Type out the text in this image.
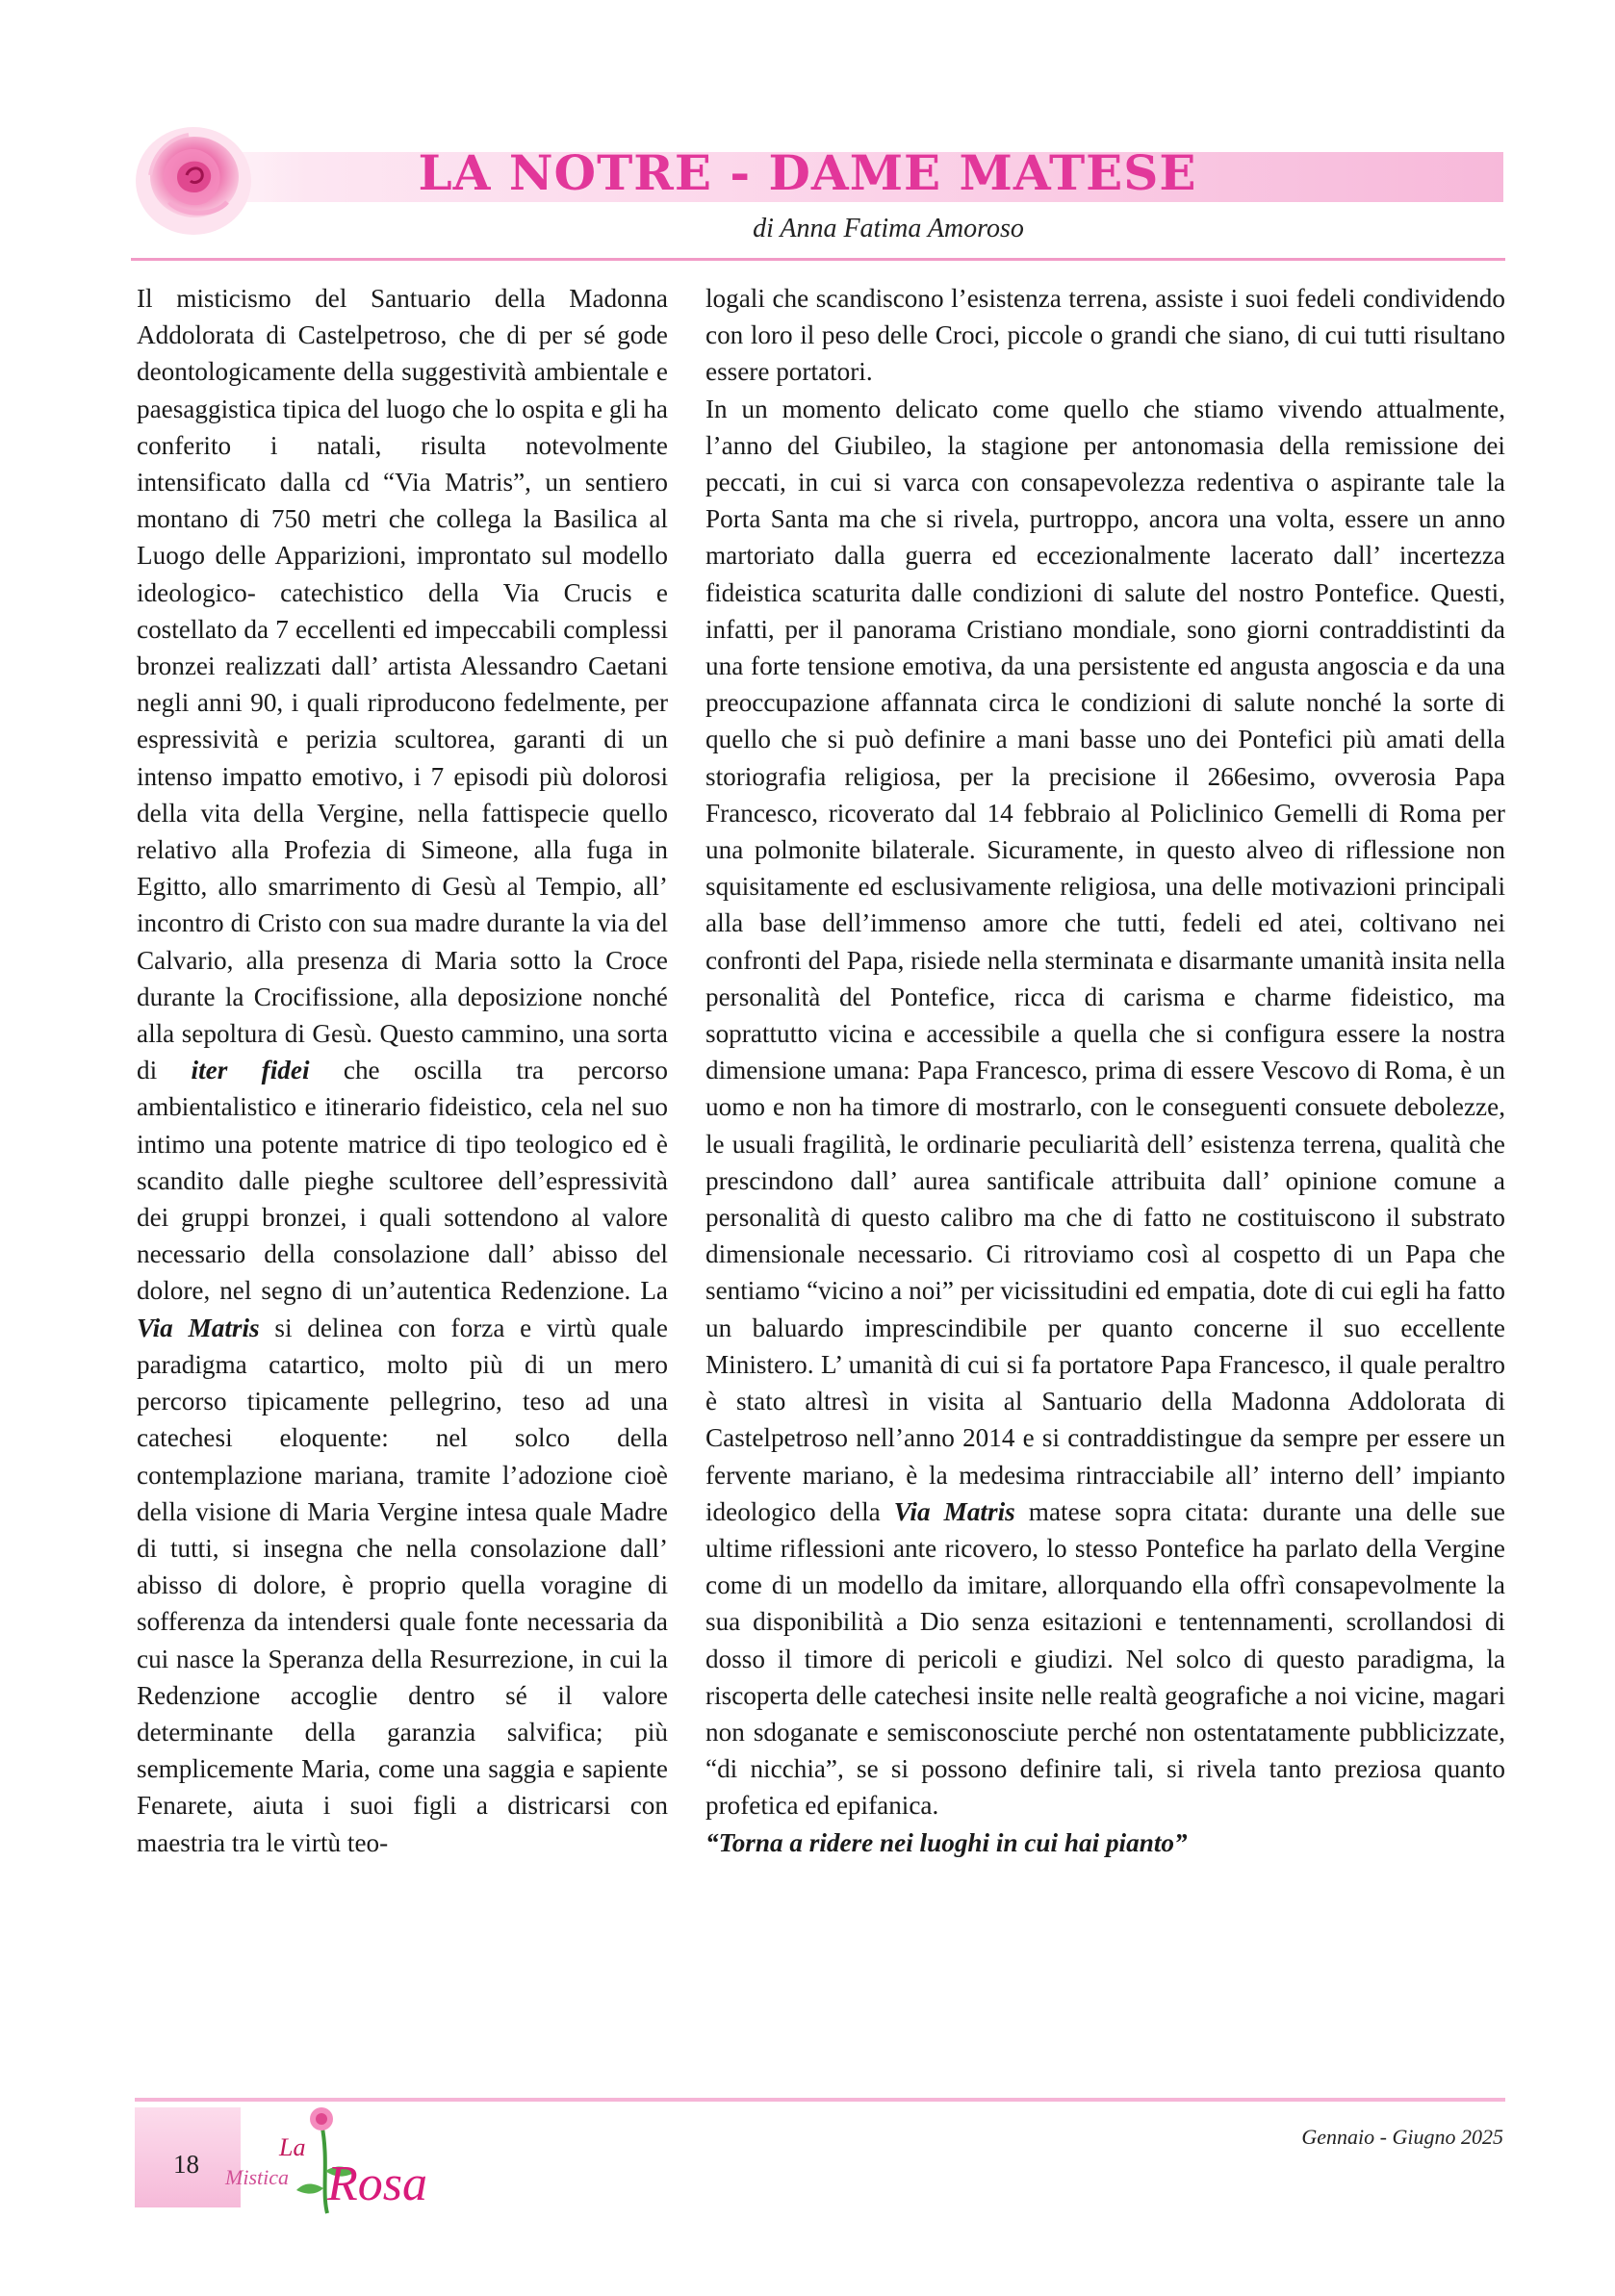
LA NOTRE - DAME MATESE
di Anna Fatima Amoroso

Il misticismo del Santuario della Madonna Addolorata di Castelpetroso, che di per sé gode deontologicamente della suggestività ambientale e paesaggistica tipica del luogo che lo ospita e gli ha conferito i natali, risulta notevolmente intensificato dalla cd “Via Matris”, un sentiero montano di 750 metri che collega la Basilica al Luogo delle Apparizioni, improntato sul modello ideologico- catechistico della Via Crucis e costellato da 7 eccellenti ed impeccabili complessi bronzei realizzati dall’ artista Alessandro Caetani negli anni 90, i quali riproducono fedelmente, per espressività e perizia scultorea, garanti di un intenso impatto emotivo, i 7 episodi più dolorosi della vita della Vergine, nella fattispecie quello relativo alla Profezia di Simeone, alla fuga in Egitto, allo smarrimento di Gesù al Tempio, all’ incontro di Cristo con sua madre durante la via del Calvario, alla presenza di Maria sotto la Croce durante la Crocifissione, alla deposizione nonché alla sepoltura di Gesù. Questo cammino, una sorta di iter fidei che oscilla tra percorso ambientalistico e itinerario fideistico, cela nel suo intimo una potente matrice di tipo teologico ed è scandito dalle pieghe scultoree dell’espressività dei gruppi bronzei, i quali sottendono al valore necessario della consolazione dall’ abisso del dolore, nel segno di un’autentica Redenzione. La Via Matris si delinea con forza e virtù quale paradigma catartico, molto più di un mero percorso tipicamente pellegrino, teso ad una catechesi eloquente: nel solco della contemplazione mariana, tramite l’adozione cioè della visione di Maria Vergine intesa quale Madre di tutti, si insegna che nella consolazione dall’ abisso di dolore, è proprio quella voragine di sofferenza da intendersi quale fonte necessaria da cui nasce la Speranza della Resurrezione, in cui la Redenzione accoglie dentro sé il valore determinante della garanzia salvifica; più semplicemente Maria, come una saggia e sapiente Fenarete, aiuta i suoi figli a districarsi con maestria tra le virtù teo-

logali che scandiscono l’esistenza terrena, assiste i suoi fedeli condividendo con loro il peso delle Croci, piccole o grandi che siano, di cui tutti risultano essere portatori.

In un momento delicato come quello che stiamo vivendo attualmente, l’anno del Giubileo, la stagione per antonomasia della remissione dei peccati, in cui si varca con consapevolezza redentiva o aspirante tale la Porta Santa ma che si rivela, purtroppo, ancora una volta, essere un anno martoriato dalla guerra ed eccezionalmente lacerato dall’ incertezza fideistica scaturita dalle condizioni di salute del nostro Pontefice. Questi, infatti, per il panorama Cristiano mondiale, sono giorni contraddistinti da una forte tensione emotiva, da una persistente ed angusta angoscia e da una preoccupazione affannata circa le condizioni di salute nonché la sorte di quello che si può definire a mani basse uno dei Pontefici più amati della storiografia religiosa, per la precisione il 266esimo, ovverosia Papa Francesco, ricoverato dal 14 febbraio al Policlinico Gemelli di Roma per una polmonite bilaterale. Sicuramente, in questo alveo di riflessione non squisitamente ed esclusivamente religiosa, una delle motivazioni principali alla base dell’immenso amore che tutti, fedeli ed atei, coltivano nei confronti del Papa, risiede nella sterminata e disarmante umanità insita nella personalità del Pontefice, ricca di carisma e charme fideistico, ma soprattutto vicina e accessibile a quella che si configura essere la nostra dimensione umana: Papa Francesco, prima di essere Vescovo di Roma, è un uomo e non ha timore di mostrarlo, con le conseguenti consuete debolezze, le usuali fragilità, le ordinarie peculiarità dell’ esistenza terrena, qualità che prescindono dall’ aurea santificale attribuita dall’ opinione comune a personalità di questo calibro ma che di fatto ne costituiscono il substrato dimensionale necessario. Ci ritroviamo così al cospetto di un Papa che sentiamo “vicino a noi” per vicissitudini ed empatia, dote di cui egli ha fatto un baluardo imprescindibile per quanto concerne il suo eccellente Ministero. L’ umanità di cui si fa portatore Papa Francesco, il quale peraltro è stato altresì in visita al Santuario della Madonna Addolorata di Castelpetroso nell’anno 2014 e si contraddistingue da sempre per essere un fervente mariano, è la medesima rintracciabile all’ interno dell’ impianto ideologico della Via Matris matese sopra citata: durante una delle sue ultime riflessioni ante ricovero, lo stesso Pontefice ha parlato della Vergine come di un modello da imitare, allorquando ella offrì consapevolmente la sua disponibilità a Dio senza esitazioni e tentennamenti, scrollandosi di dosso il timore di pericoli e giudizi. Nel solco di questo paradigma, la riscoperta delle catechesi insite nelle realtà geografiche a noi vicine, magari non sdoganate e semisconosciute perché non ostentatamente pubblicizzate, “di nicchia”, se si possono definire tali, si rivela tanto preziosa quanto profetica ed epifanica.

“Torna a ridere nei luoghi in cui hai pianto”

18
La
Mistica Rosa
Gennaio - Giugno 2025
